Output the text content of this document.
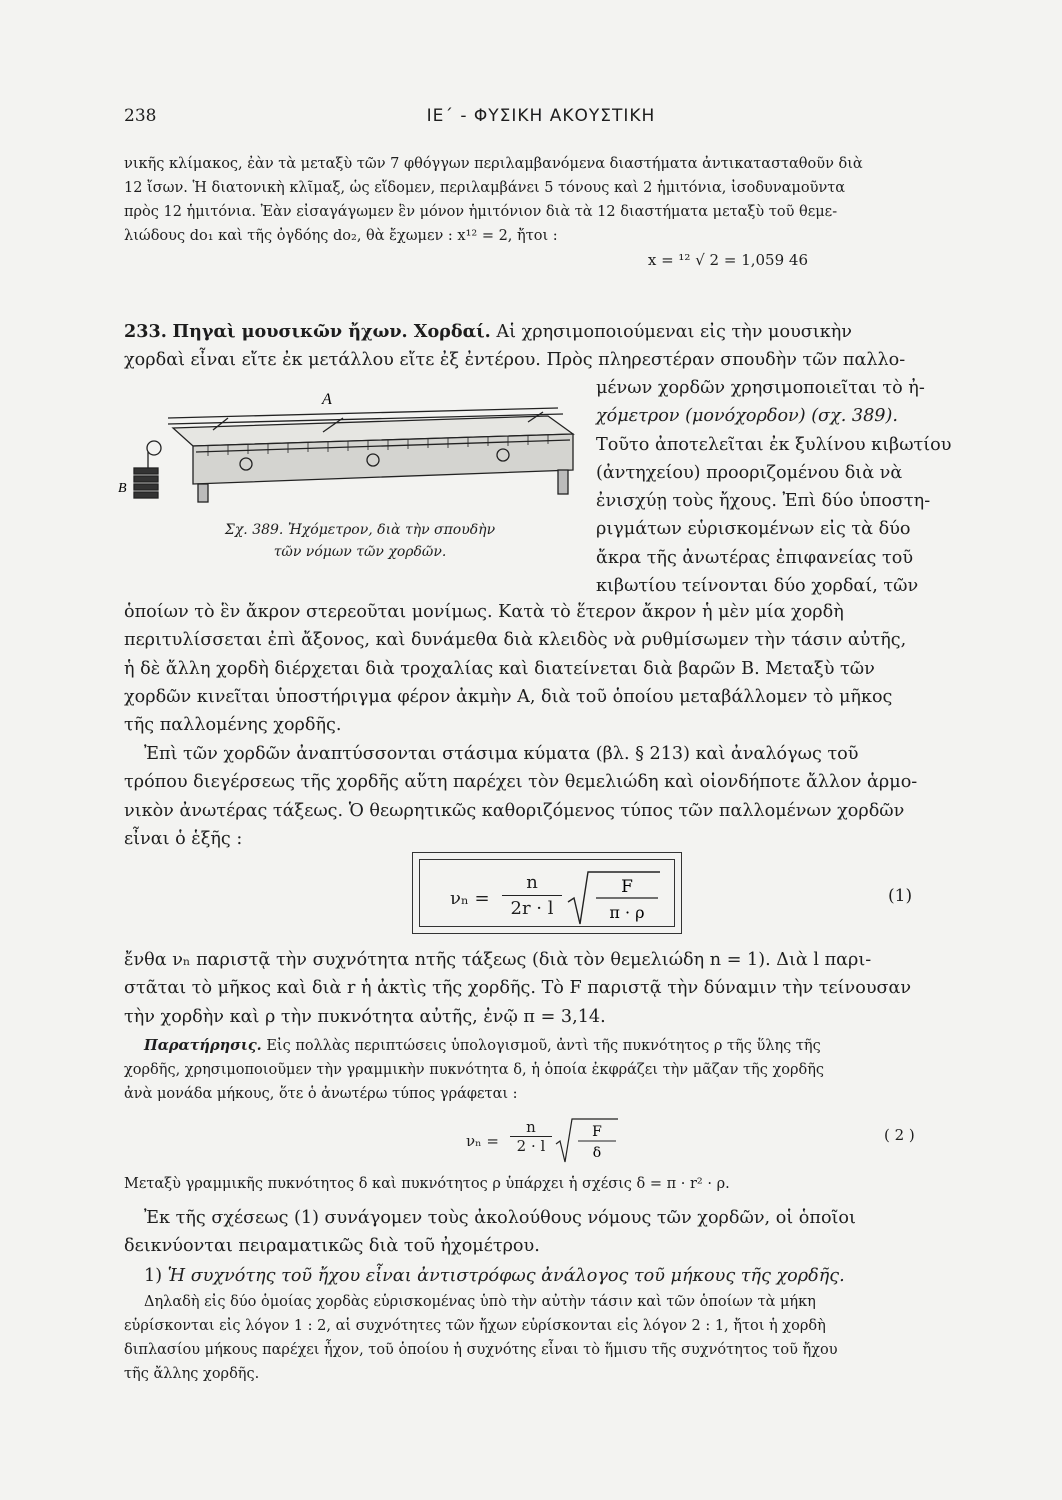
238	ΙΕ΄ - ΦΥΣΙΚΗ ΑΚΟΥΣΤΙΚΗ
νικῆς κλίμακος, ἐὰν τὰ μεταξὺ τῶν 7 φθόγγων περιλαμβανόμενα διαστήματα ἀντικατασταθοῦν διὰ
12 ἴσων. Ἡ διατονικὴ κλῖμαξ, ὡς εἴδομεν, περιλαμβάνει 5 τόνους καὶ 2 ἡμιτόνια, ἰσοδυναμοῦντα
πρὸς 12 ἡμιτόνια. Ἐὰν εἰσαγάγωμεν ἓν μόνον ἡμιτόνιον διὰ τὰ 12 διαστήματα μεταξὺ τοῦ θεμε-
λιώδους do₁ καὶ τῆς ὀγδόης do₂, θὰ ἔχωμεν : x¹² = 2, ἤτοι :
x = ¹² √ 2 = 1,059 46
233. Πηγαὶ μουσικῶν ἤχων. Χορδαί. Αἱ χρησιμοποιούμεναι εἰς τὴν μουσικὴν
χορδαὶ εἶναι εἴτε ἐκ μετάλλου εἴτε ἐξ ἐντέρου. Πρὸς πληρεστέραν σπουδὴν τῶν παλλο-
μένων χορδῶν χρησιμοποιεῖται τὸ ἠ-
χόμετρον (μονόχορδον) (σχ. 389).
Τοῦτο ἀποτελεῖται ἐκ ξυλίνου κιβωτίου
(ἀντηχείου) προοριζομένου διὰ νὰ
ἐνισχύῃ τοὺς ἤχους. Ἐπὶ δύο ὑποστη-
ριγμάτων εὑρισκομένων εἰς τὰ δύο
ἄκρα τῆς ἀνωτέρας ἐπιφανείας τοῦ
κιβωτίου τείνονται δύο χορδαί, τῶν
A
B
Σχ. 389. Ἠχόμετρον, διὰ τὴν σπουδὴν
τῶν νόμων τῶν χορδῶν.
ὁποίων τὸ ἓν ἄκρον στερεοῦται μονίμως. Κατὰ τὸ ἕτερον ἄκρον ἡ μὲν μία χορδὴ
περιτυλίσσεται ἐπὶ ἄξονος, καὶ δυνάμεθα διὰ κλειδὸς νὰ ρυθμίσωμεν τὴν τάσιν αὐτῆς,
ἡ δὲ ἄλλη χορδὴ διέρχεται διὰ τροχαλίας καὶ διατείνεται διὰ βαρῶν Β. Μεταξὺ τῶν
χορδῶν κινεῖται ὑποστήριγμα φέρον ἀκμὴν Α, διὰ τοῦ ὁποίου μεταβάλλομεν τὸ μῆκος
τῆς παλλομένης χορδῆς.
Ἐπὶ τῶν χορδῶν ἀναπτύσσονται στάσιμα κύματα (βλ. § 213) καὶ ἀναλόγως τοῦ
τρόπου διεγέρσεως τῆς χορδῆς αὕτη παρέχει τὸν θεμελιώδη καὶ οἱονδήποτε ἄλλον ἁρμο-
νικὸν ἀνωτέρας τάξεως. Ὁ θεωρητικῶς καθοριζόμενος τύπος τῶν παλλομένων χορδῶν
εἶναι ὁ ἑξῆς :
$\nu_n = \frac{n}{2r \cdot l}$	F
π · ρ
(1)
ἔνθα νₙ παριστᾷ τὴν συχνότητα nτῆς τάξεως (διὰ τὸν θεμελιώδη n = 1). Διὰ l παρι-
στᾶται τὸ μῆκος καὶ διὰ r ἡ ἀκτὶς τῆς χορδῆς. Τὸ F παριστᾷ τὴν δύναμιν τὴν τείνουσαν
τὴν χορδὴν καὶ ρ τὴν πυκνότητα αὐτῆς, ἐνῷ π = 3,14.
Παρατήρησις. Εἰς πολλὰς περιπτώσεις ὑπολογισμοῦ, ἀντὶ τῆς πυκνότητος ρ τῆς ὕλης τῆς
χορδῆς, χρησιμοποιοῦμεν τὴν γραμμικὴν πυκνότητα δ, ἡ ὁποία ἐκφράζει τὴν μᾶζαν τῆς χορδῆς
ἀνὰ μονάδα μήκους, ὅτε ὁ ἀνωτέρω τύπος γράφεται :
$\nu_n = \frac{n}{2 \cdot l}$	F
δ
( 2 )
Μεταξὺ γραμμικῆς πυκνότητος δ καὶ πυκνότητος ρ ὑπάρχει ἡ σχέσις δ = π · r² · ρ.
Ἐκ τῆς σχέσεως (1) συνάγομεν τοὺς ἀκολούθους νόμους τῶν χορδῶν, οἱ ὁποῖοι
δεικνύονται πειραματικῶς διὰ τοῦ ἠχομέτρου.
1) Ἡ συχνότης τοῦ ἤχου εἶναι ἀντιστρόφως ἀνάλογος τοῦ μήκους τῆς χορδῆς.
Δηλαδὴ εἰς δύο ὁμοίας χορδὰς εὑρισκομένας ὑπὸ τὴν αὐτὴν τάσιν καὶ τῶν ὁποίων τὰ μήκη
εὑρίσκονται εἰς λόγον 1 : 2, αἱ συχνότητες τῶν ἤχων εὑρίσκονται εἰς λόγον 2 : 1, ἤτοι ἡ χορδὴ
διπλασίου μήκους παρέχει ἦχον, τοῦ ὁποίου ἡ συχνότης εἶναι τὸ ἥμισυ τῆς συχνότητος τοῦ ἤχου
τῆς ἄλλης χορδῆς.
